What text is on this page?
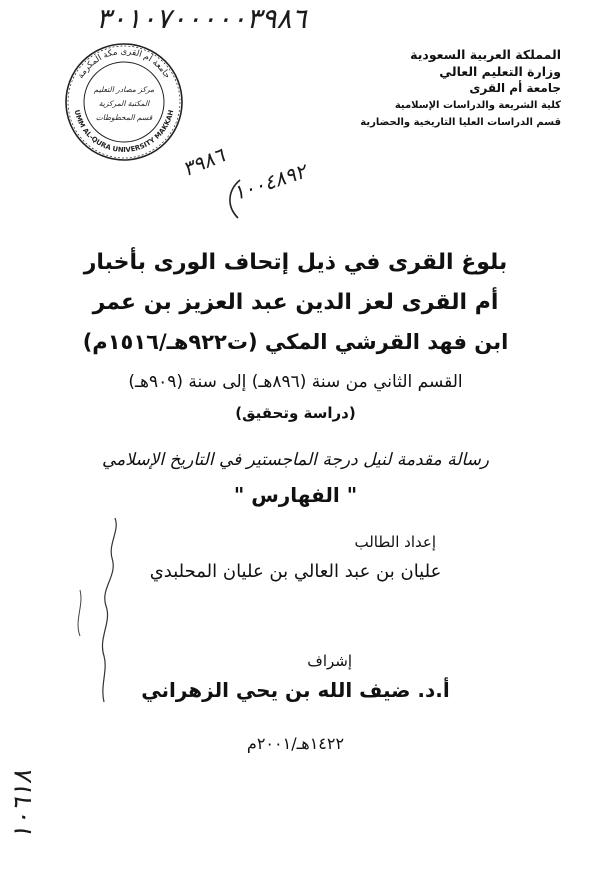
٣٠١٠٧٠٠٠٠٠٣٩٨٦
٣٩٨٦ ١٠٠٤٨٩٢
١٠٦١٨
جامعة أم القرى مكة المكرمة
UMM AL-QURA UNIVERSITY MAKKAH
مركز مصادر التعليم
المكتبة المركزية
قسم المخطوطات
المملكة العربية السعودية
وزارة التعليم العالي
جامعة أم القرى
كلية الشريعة والدراسات الإسلامية
قسم الدراسات العليا التاريخية والحضارية
بلوغ القرى في ذيل إتحاف الورى بأخبار
أم القرى لعز الدين عبد العزيز بن عمر
ابن فهد القرشي المكي (ت٩٢٢هـ/١٥١٦م)
القسم الثاني من سنة (٨٩٦هـ) إلى سنة (٩٠٩هـ)
(دراسة وتحقيق)
رسالة مقدمة لنيل درجة الماجستير في التاريخ الإسلامي
" الفهارس "
إعداد الطالب
عليان بن عبد العالي بن عليان المحلبدي
إشراف
أ.د. ضيف الله بن يحي الزهراني
١٤٢٢هـ/٢٠٠١م
